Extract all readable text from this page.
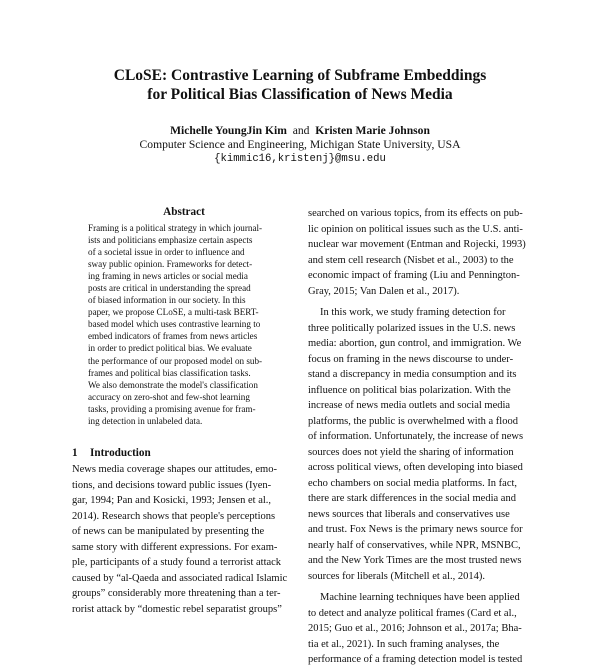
CLoSE: Contrastive Learning of Subframe Embeddings
for Political Bias Classification of News Media
Michelle YoungJin Kim and Kristen Marie Johnson
Computer Science and Engineering, Michigan State University, USA
{kimmic16,kristenj}@msu.edu
Abstract
Framing is a political strategy in which journal-
ists and politicians emphasize certain aspects
of a societal issue in order to influence and
sway public opinion. Frameworks for detect-
ing framing in news articles or social media
posts are critical in understanding the spread
of biased information in our society. In this
paper, we propose CLoSE, a multi-task BERT-
based model which uses contrastive learning to
embed indicators of frames from news articles
in order to predict political bias. We evaluate
the performance of our proposed model on sub-
frames and political bias classification tasks.
We also demonstrate the model's classification
accuracy on zero-shot and few-shot learning
tasks, providing a promising avenue for fram-
ing detection in unlabeled data.
1 Introduction
News media coverage shapes our attitudes, emo-
tions, and decisions toward public issues (Iyen-
gar, 1994; Pan and Kosicki, 1993; Jensen et al.,
2014). Research shows that people's perceptions
of news can be manipulated by presenting the
same story with different expressions. For exam-
ple, participants of a study found a terrorist attack
caused by “al-Qaeda and associated radical Islamic
groups” considerably more threatening than a ter-
rorist attack by “domestic rebel separatist groups”
searched on various topics, from its effects on pub-
lic opinion on political issues such as the U.S. anti-
nuclear war movement (Entman and Rojecki, 1993)
and stem cell research (Nisbet et al., 2003) to the
economic impact of framing (Liu and Pennington-
Gray, 2015; Van Dalen et al., 2017).
In this work, we study framing detection for
three politically polarized issues in the U.S. news
media: abortion, gun control, and immigration. We
focus on framing in the news discourse to under-
stand a discrepancy in media consumption and its
influence on political bias polarization. With the
increase of news media outlets and social media
platforms, the public is overwhelmed with a flood
of information. Unfortunately, the increase of news
sources does not yield the sharing of information
across political views, often developing into biased
echo chambers on social media platforms. In fact,
there are stark differences in the social media and
news sources that liberals and conservatives use
and trust. Fox News is the primary news source for
nearly half of conservatives, while NPR, MSNBC,
and the New York Times are the most trusted news
sources for liberals (Mitchell et al., 2014).
Machine learning techniques have been applied
to detect and analyze political frames (Card et al.,
2015; Guo et al., 2016; Johnson et al., 2017a; Bha-
tia et al., 2021). In such framing analyses, the
performance of a framing detection model is tested
